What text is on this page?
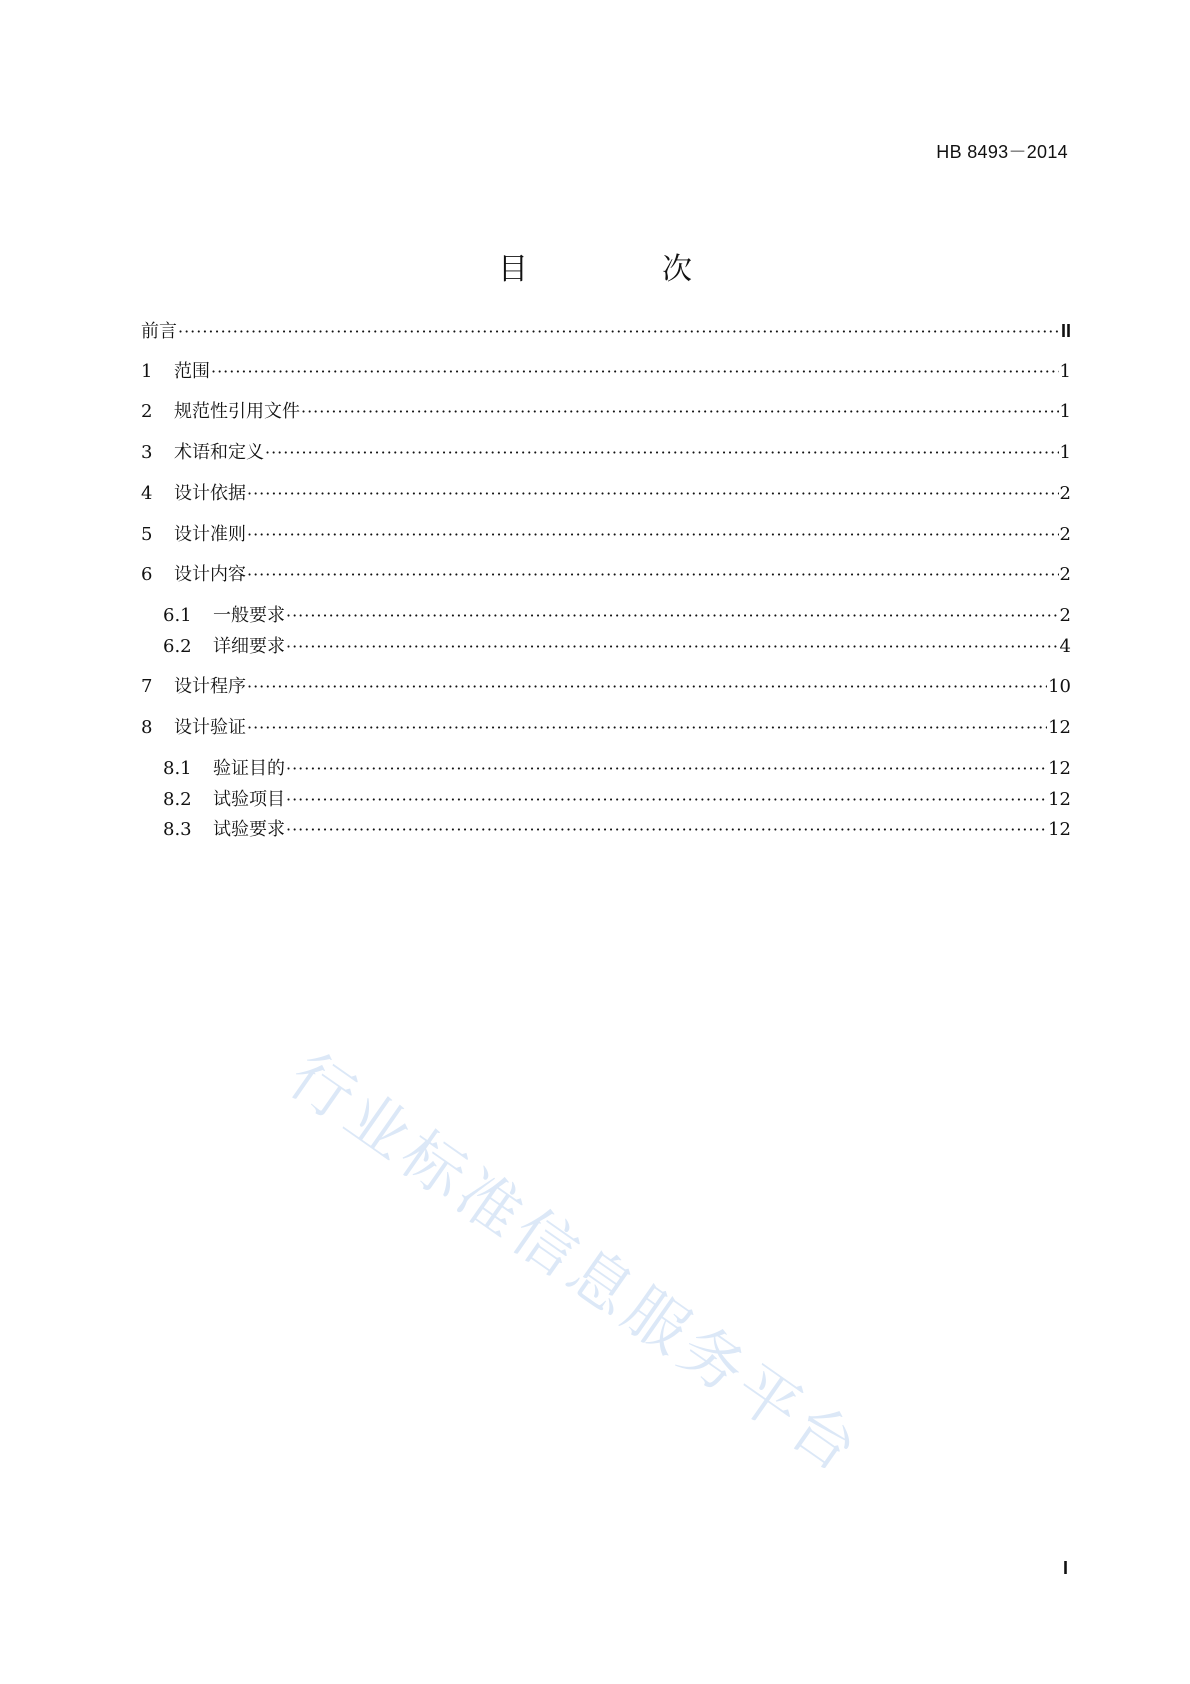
HB 8493－2014
目　次
前言 ·····	II
1	范围 ·····	1
2	规范性引用文件 ·····	1
3	术语和定义 ·····	1
4	设计依据 ·····	2
5	设计准则 ·····	2
6	设计内容 ·····	2
6.1	一般要求 ·····	2
6.2	详细要求 ·····	4
7	设计程序 ·····	10
8	设计验证 ·····	12
8.1	验证目的 ·····	12
8.2	试验项目 ·····	12
8.3	试验要求 ·····	12
行业标准信息服务平台
I
